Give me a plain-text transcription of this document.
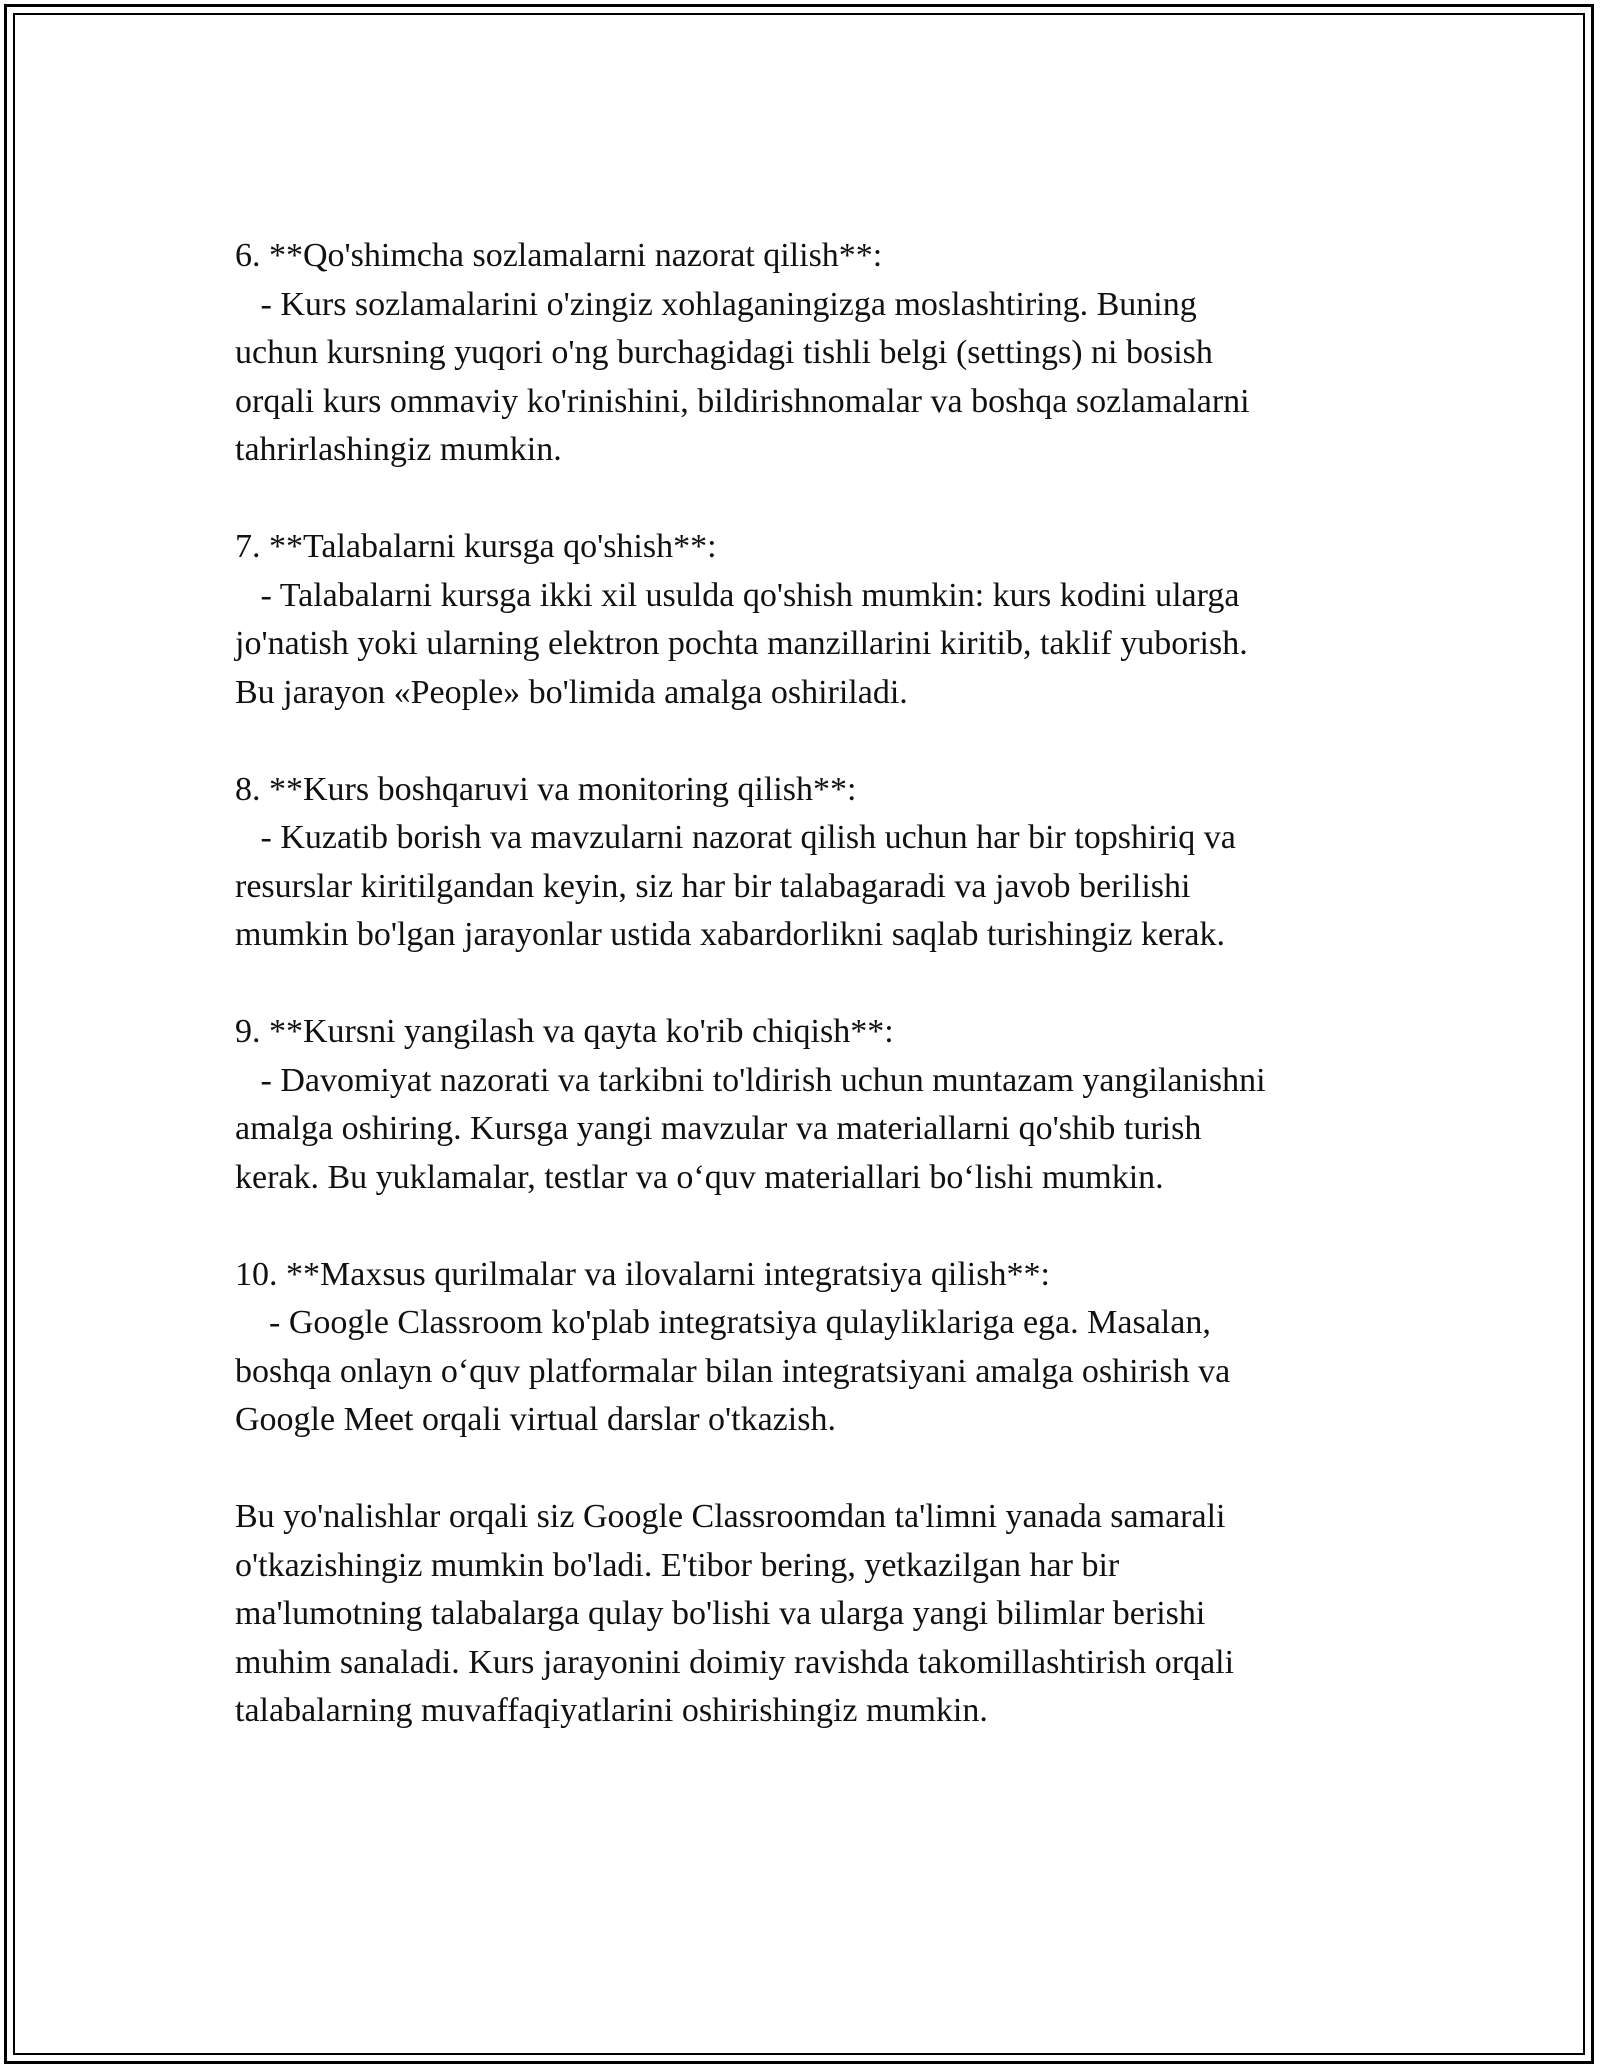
6. **Qo'shimcha sozlamalarni nazorat qilish**:
- Kurs sozlamalarini o'zingiz xohlaganingizga moslashtiring. Buning
uchun kursning yuqori o'ng burchagidagi tishli belgi (settings) ni bosish
orqali kurs ommaviy ko'rinishini, bildirishnomalar va boshqa sozlamalarni
tahrirlashingiz mumkin.
7. **Talabalarni kursga qo'shish**:
- Talabalarni kursga ikki xil usulda qo'shish mumkin: kurs kodini ularga
jo'natish yoki ularning elektron pochta manzillarini kiritib, taklif yuborish.
Bu jarayon «People» bo'limida amalga oshiriladi.
8. **Kurs boshqaruvi va monitoring qilish**:
- Kuzatib borish va mavzularni nazorat qilish uchun har bir topshiriq va
resurslar kiritilgandan keyin, siz har bir talabagaradi va javob berilishi
mumkin bo'lgan jarayonlar ustida xabardorlikni saqlab turishingiz kerak.
9. **Kursni yangilash va qayta ko'rib chiqish**:
- Davomiyat nazorati va tarkibni to'ldirish uchun muntazam yangilanishni
amalga oshiring. Kursga yangi mavzular va materiallarni qo'shib turish
kerak. Bu yuklamalar, testlar va o‘quv materiallari bo‘lishi mumkin.
10. **Maxsus qurilmalar va ilovalarni integratsiya qilish**:
- Google Classroom ko'plab integratsiya qulayliklariga ega. Masalan,
boshqa onlayn o‘quv platformalar bilan integratsiyani amalga oshirish va
Google Meet orqali virtual darslar o'tkazish.
Bu yo'nalishlar orqali siz Google Classroomdan ta'limni yanada samarali
o'tkazishingiz mumkin bo'ladi. E'tibor bering, yetkazilgan har bir
ma'lumotning talabalarga qulay bo'lishi va ularga yangi bilimlar berishi
muhim sanaladi. Kurs jarayonini doimiy ravishda takomillashtirish orqali
talabalarning muvaffaqiyatlarini oshirishingiz mumkin.
